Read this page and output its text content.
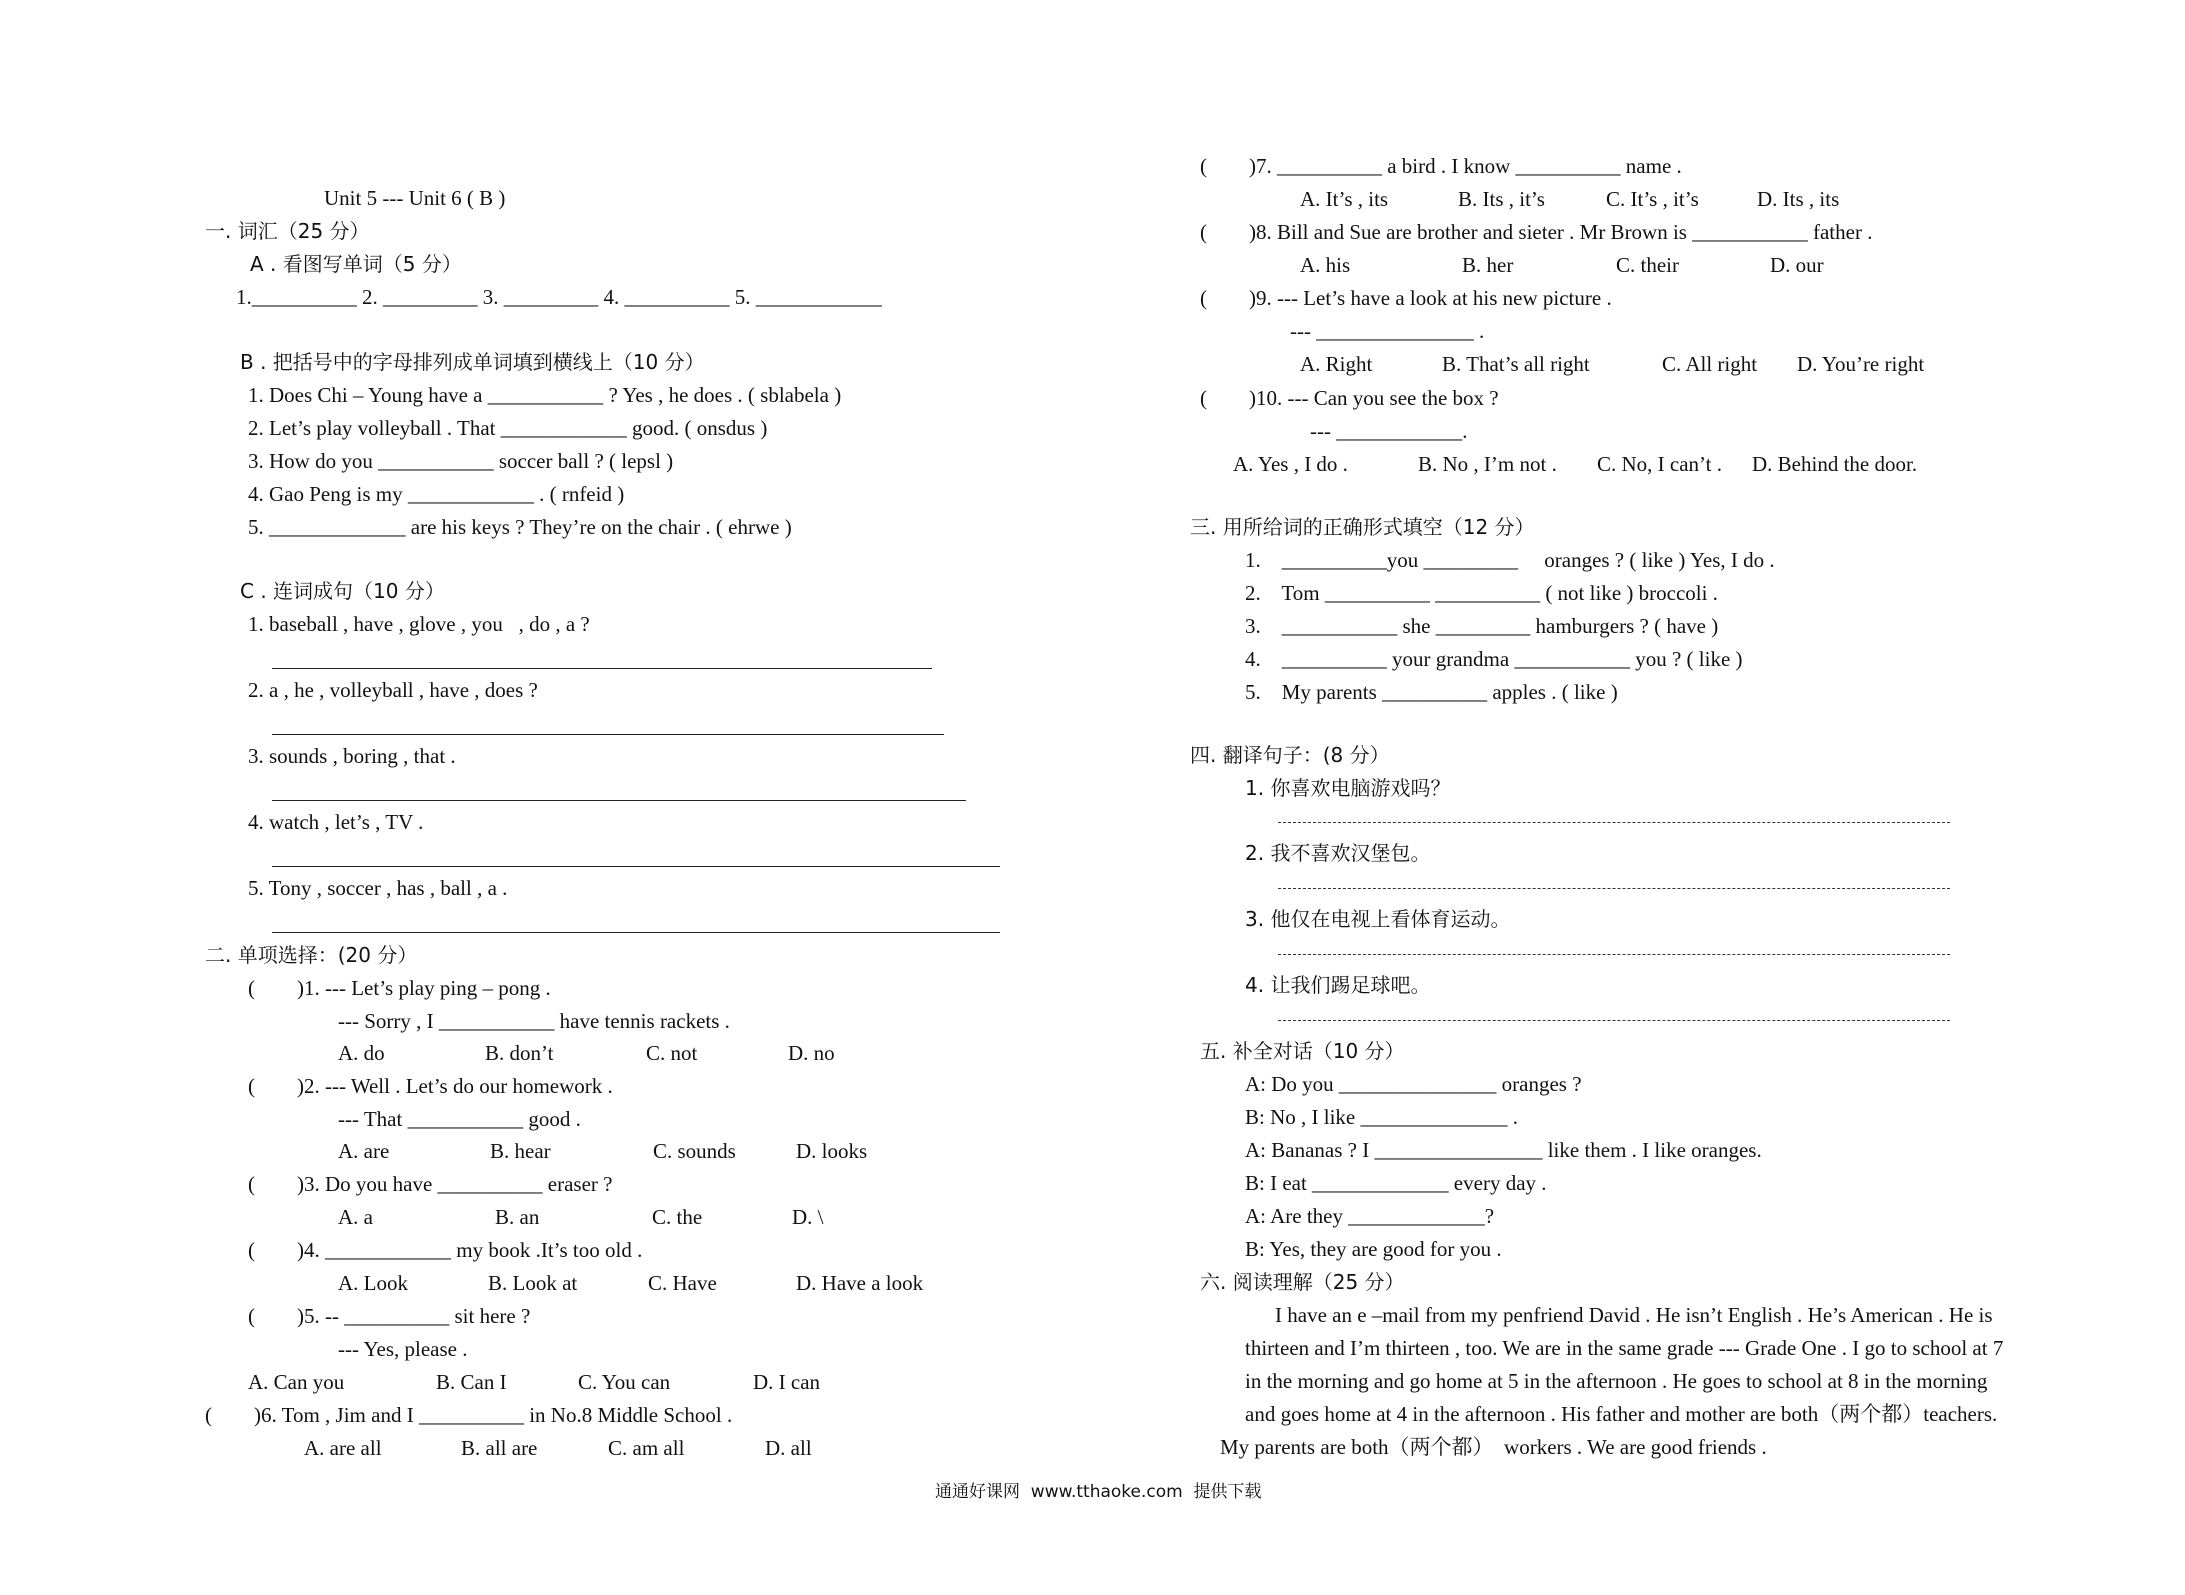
Unit 5 --- Unit 6 ( B )
一. 词汇（25 分）
A . 看图写单词（5 分）
1.__________ 2. _________ 3. _________ 4. __________ 5. ____________
B . 把括号中的字母排列成单词填到横线上（10 分）
1. Does Chi – Young have a ___________ ? Yes , he does . ( sblabela )
2. Let’s play volleyball . That ____________ good. ( onsdus )
3. How do you ___________ soccer ball ? ( lepsl )
4. Gao Peng is my ____________ . ( rnfeid )
5. _____________ are his keys ? They’re on the chair . ( ehrwe )
C . 连词成句（10 分）
1. baseball , have , glove , you   , do , a ?
2. a , he , volleyball , have , does ?
3. sounds , boring , that .
4. watch , let’s , TV .
5. Tony , soccer , has , ball , a .
二. 单项选择：(20 分）
(        )1. --- Let’s play ping – pong .
--- Sorry , I ___________ have tennis rackets .
A. do	B. don’t	C. not	D. no
(        )2. --- Well . Let’s do our homework .
--- That ___________ good .
A. are	B. hear	C. sounds	D. looks
(        )3. Do you have __________ eraser ?
A. a	B. an	C. the	D. \
(        )4. ____________ my book .It’s too old .
A. Look	B. Look at	C. Have	D. Have a look
(        )5. -- __________ sit here ?
--- Yes, please .
A. Can you	B. Can I	C. You can	D. I can
(        )6. Tom , Jim and I __________ in No.8 Middle School .
A. are all	B. all are	C. am all	D. all
(        )7. __________ a bird . I know __________ name .
A. It’s , its	B. Its , it’s	C. It’s , it’s	D. Its , its
(        )8. Bill and Sue are brother and sieter . Mr Brown is ___________ father .
A. his	B. her	C. their	D. our
(        )9. --- Let’s have a look at his new picture .
--- _______________ .
A. Right	B. That’s all right	C. All right D. You’re right
(        )10. --- Can you see the box ?
--- ____________.
A. Yes , I do .	B. No , I’m not . C. No, I can’t . D. Behind the door.
三. 用所给词的正确形式填空（12 分）
1.    __________you _________     oranges ? ( like ) Yes, I do .
2.    Tom __________ __________ ( not like ) broccoli .
3.    ___________ she _________ hamburgers ? ( have )
4.    __________ your grandma ___________ you ? ( like )
5.    My parents __________ apples . ( like )
四. 翻译句子：(8 分）
1. 你喜欢电脑游戏吗？
2. 我不喜欢汉堡包。
3. 他仅在电视上看体育运动。
4. 让我们踢足球吧。
五. 补全对话（10 分）
A: Do you _______________ oranges ?
B: No , I like ______________ .
A: Bananas ? I ________________ like them . I like oranges.
B: I eat _____________ every day .
A: Are they _____________?
B: Yes, they are good for you .
六. 阅读理解（25 分）
I have an e –mail from my penfriend David . He isn’t English . He’s American . He is
thirteen and I’m thirteen , too. We are in the same grade --- Grade One . I go to school at 7
in the morning and go home at 5 in the afternoon . He goes to school at 8 in the morning
and goes home at 4 in the afternoon . His father and mother are both（两个都）teachers.
My parents are both（两个都）  workers . We are good friends .
通通好课网  www.tthaoke.com  提供下载
